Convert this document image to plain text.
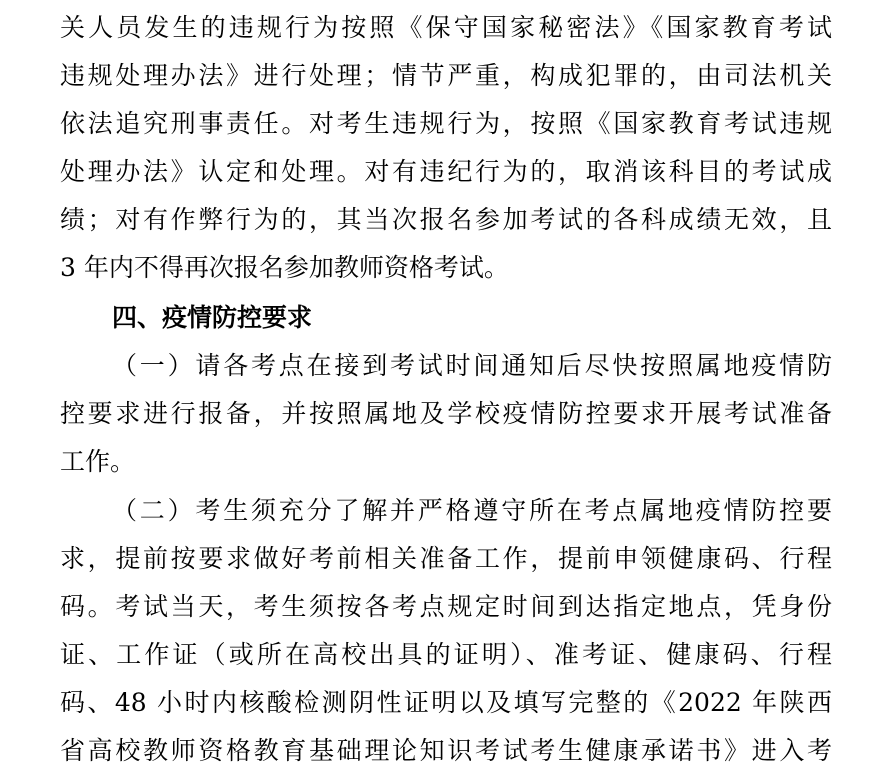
关人员发生的违规行为按照《保守国家秘密法》《国家教育考试
违规处理办法》进行处理；情节严重，构成犯罪的，由司法机关
依法追究刑事责任。对考生违规行为，按照《国家教育考试违规
处理办法》认定和处理。对有违纪行为的，取消该科目的考试成
绩；对有作弊行为的，其当次报名参加考试的各科成绩无效，且
3 年内不得再次报名参加教师资格考试。
四、疫情防控要求
（一）请各考点在接到考试时间通知后尽快按照属地疫情防
控要求进行报备，并按照属地及学校疫情防控要求开展考试准备
工作。
（二）考生须充分了解并严格遵守所在考点属地疫情防控要
求，提前按要求做好考前相关准备工作，提前申领健康码、行程
码。考试当天，考生须按各考点规定时间到达指定地点，凭身份
证、工作证（或所在高校出具的证明）、准考证、健康码、行程
码、48 小时内核酸检测阴性证明以及填写完整的《2022 年陕西
省高校教师资格教育基础理论知识考试考生健康承诺书》进入考
